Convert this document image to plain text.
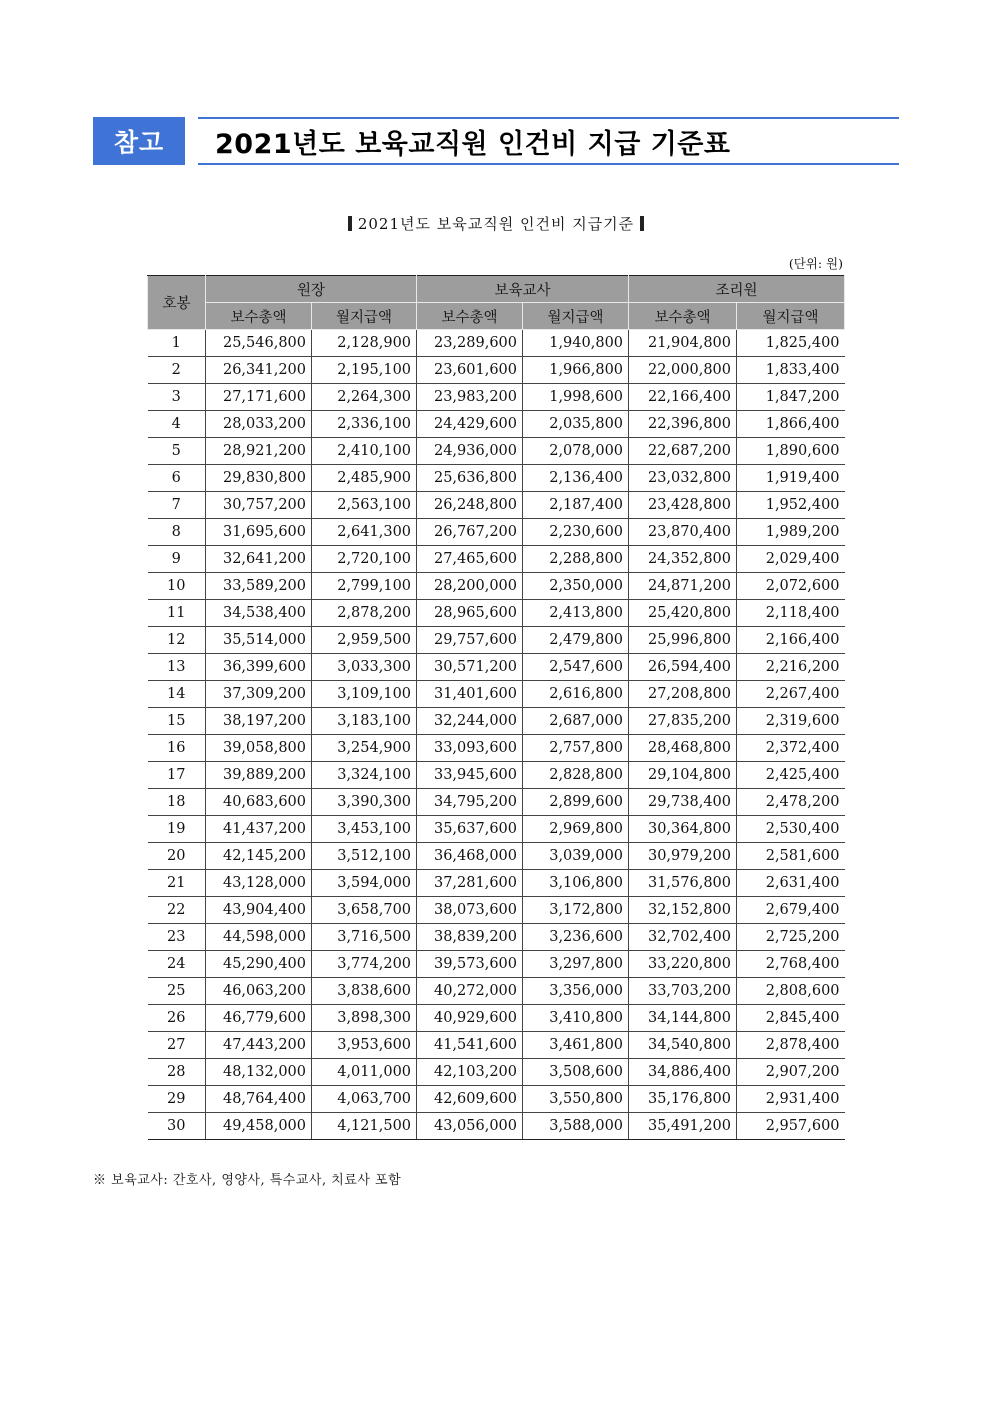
참고	2021년도 보육교직원 인건비 지급 기준표
2021년도 보육교직원 인건비 지급기준
(단위: 원)
호봉	원장		보육교사		조리원	
	보수총액	월지급액	보수총액	월지급액	보수총액	월지급액
1	25,546,800	2,128,900	23,289,600	1,940,800	21,904,800	1,825,400
2	26,341,200	2,195,100	23,601,600	1,966,800	22,000,800	1,833,400
3	27,171,600	2,264,300	23,983,200	1,998,600	22,166,400	1,847,200
4	28,033,200	2,336,100	24,429,600	2,035,800	22,396,800	1,866,400
5	28,921,200	2,410,100	24,936,000	2,078,000	22,687,200	1,890,600
6	29,830,800	2,485,900	25,636,800	2,136,400	23,032,800	1,919,400
7	30,757,200	2,563,100	26,248,800	2,187,400	23,428,800	1,952,400
8	31,695,600	2,641,300	26,767,200	2,230,600	23,870,400	1,989,200
9	32,641,200	2,720,100	27,465,600	2,288,800	24,352,800	2,029,400
10	33,589,200	2,799,100	28,200,000	2,350,000	24,871,200	2,072,600
11	34,538,400	2,878,200	28,965,600	2,413,800	25,420,800	2,118,400
12	35,514,000	2,959,500	29,757,600	2,479,800	25,996,800	2,166,400
13	36,399,600	3,033,300	30,571,200	2,547,600	26,594,400	2,216,200
14	37,309,200	3,109,100	31,401,600	2,616,800	27,208,800	2,267,400
15	38,197,200	3,183,100	32,244,000	2,687,000	27,835,200	2,319,600
16	39,058,800	3,254,900	33,093,600	2,757,800	28,468,800	2,372,400
17	39,889,200	3,324,100	33,945,600	2,828,800	29,104,800	2,425,400
18	40,683,600	3,390,300	34,795,200	2,899,600	29,738,400	2,478,200
19	41,437,200	3,453,100	35,637,600	2,969,800	30,364,800	2,530,400
20	42,145,200	3,512,100	36,468,000	3,039,000	30,979,200	2,581,600
21	43,128,000	3,594,000	37,281,600	3,106,800	31,576,800	2,631,400
22	43,904,400	3,658,700	38,073,600	3,172,800	32,152,800	2,679,400
23	44,598,000	3,716,500	38,839,200	3,236,600	32,702,400	2,725,200
24	45,290,400	3,774,200	39,573,600	3,297,800	33,220,800	2,768,400
25	46,063,200	3,838,600	40,272,000	3,356,000	33,703,200	2,808,600
26	46,779,600	3,898,300	40,929,600	3,410,800	34,144,800	2,845,400
27	47,443,200	3,953,600	41,541,600	3,461,800	34,540,800	2,878,400
28	48,132,000	4,011,000	42,103,200	3,508,600	34,886,400	2,907,200
29	48,764,400	4,063,700	42,609,600	3,550,800	35,176,800	2,931,400
30	49,458,000	4,121,500	43,056,000	3,588,000	35,491,200	2,957,600
※ 보육교사: 간호사, 영양사, 특수교사, 치료사 포함
